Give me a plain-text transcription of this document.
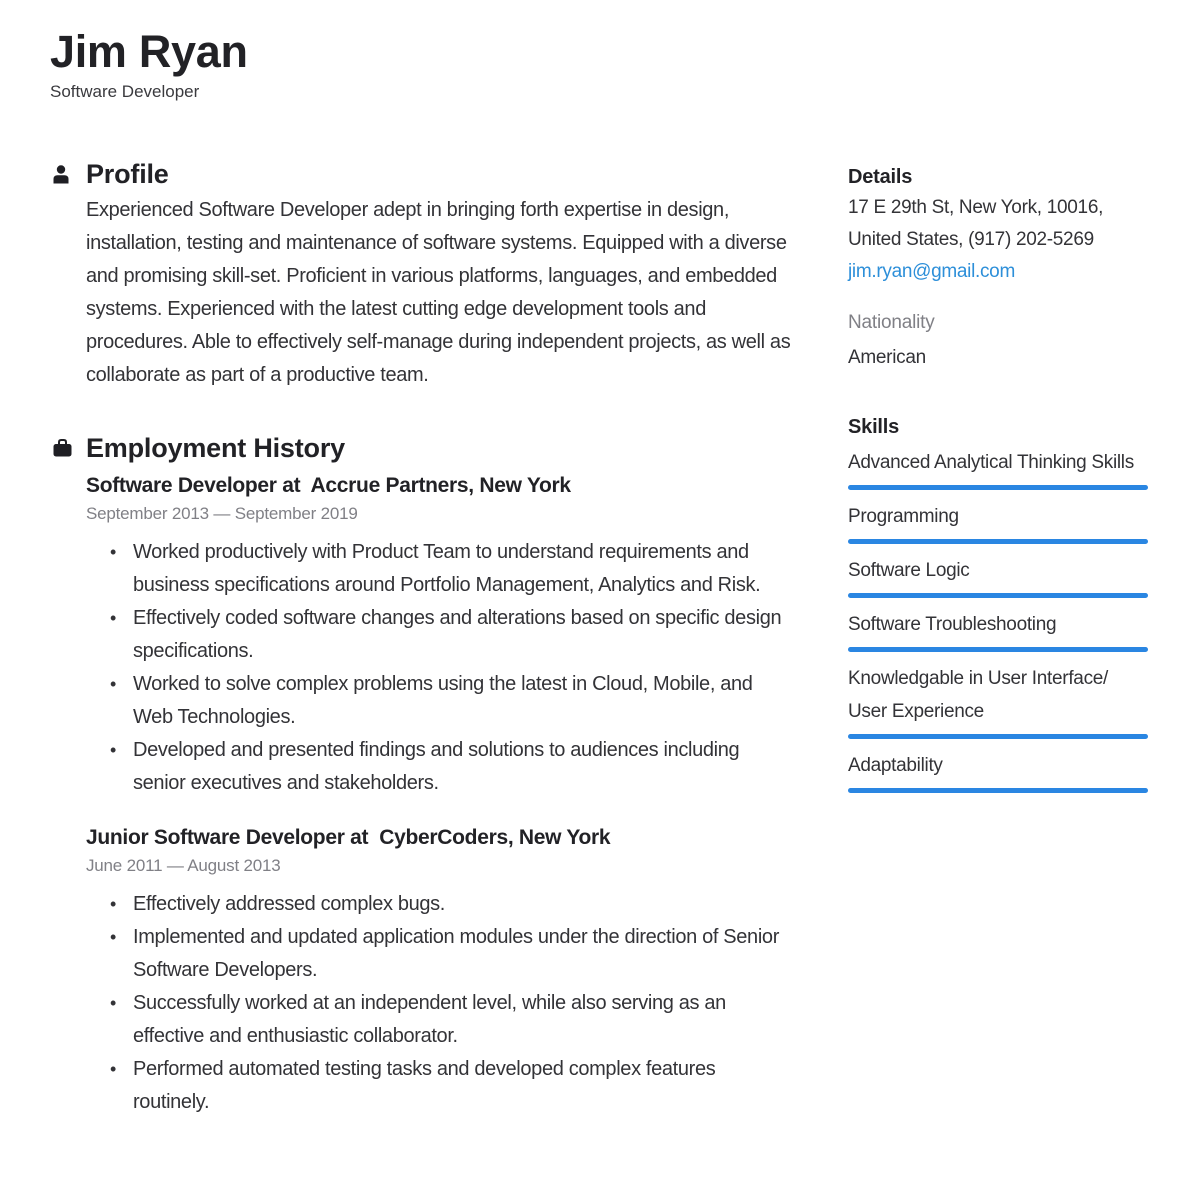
Jim Ryan
Software Developer
Profile

Experienced Software Developer adept in bringing forth expertise in design, installation, testing and maintenance of software systems. Equipped with a diverse and promising skill-set. Proficient in various platforms, languages, and embedded systems. Experienced with the latest cutting edge development tools and procedures. Able to effectively self-manage during independent projects, as well as collaborate as part of a productive team.

Employment History
Software Developer at  Accrue Partners, New York
September 2013 — September 2019
• Worked productively with Product Team to understand requirements and business specifications around Portfolio Management, Analytics and Risk.
• Effectively coded software changes and alterations based on specific design specifications.
• Worked to solve complex problems using the latest in Cloud, Mobile, and Web Technologies.
• Developed and presented findings and solutions to audiences including senior executives and stakeholders.
Junior Software Developer at  CyberCoders, New York
June 2011 — August 2013
• Effectively addressed complex bugs.
• Implemented and updated application modules under the direction of Senior Software Developers.
• Successfully worked at an independent level, while also serving as an effective and enthusiastic collaborator.
• Performed automated testing tasks and developed complex features routinely.
Details
17 E 29th St, New York, 10016,
United States, (917) 202-5269
jim.ryan@gmail.com
Nationality
American
Skills
Advanced Analytical Thinking Skills
Programming
Software Logic
Software Troubleshooting
Knowledgable in User Interface/ User Experience
Adaptability
